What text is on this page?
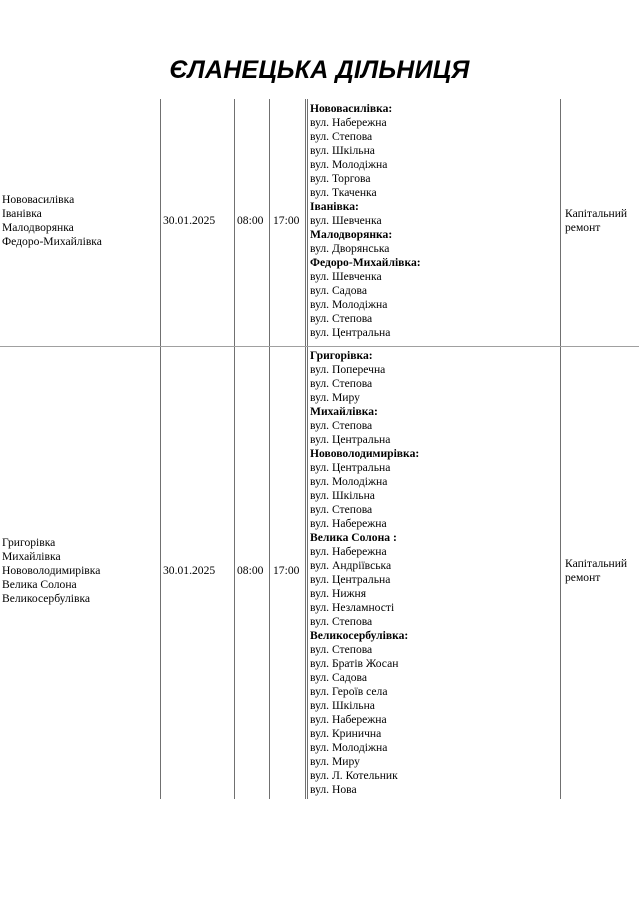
ЄЛАНЕЦЬКА ДІЛЬНИЦЯ
Нововасилівка
Іванівка
Малодворянка
Федоро-Михайлівка
30.01.2025 08:00 17:00
Нововасилівка:
вул. Набережна
вул. Степова
вул. Шкільна
вул. Молодіжна
вул. Торгова
вул. Ткаченка
Іванівка:
вул. Шевченка
Малодворянка:
вул. Дворянська
Федоро-Михайлівка:
вул. Шевченка
вул. Садова
вул. Молодіжна
вул. Степова
вул. Центральна
Капітальний
ремонт
Григорівка
Михайлівка
Нововолодимирівка
Велика Солона
Великосербулівка
30.01.2025 08:00 17:00
Григорівка:
вул. Поперечна
вул. Степова
вул. Миру
Михайлівка:
вул. Степова
вул. Центральна
Нововолодимирівка:
вул. Центральна
вул. Молодіжна
вул. Шкільна
вул. Степова
вул. Набережна
Велика Солона :
вул. Набережна
вул. Андріївська
вул. Центральна
вул. Нижня
вул. Незламності
вул. Степова
Великосербулівка:
вул. Степова
вул. Братів Жосан
вул. Садова
вул. Героїв села
вул. Шкільна
вул. Набережна
вул. Кринична
вул. Молодіжна
вул. Миру
вул. Л. Котельник
вул. Нова
Капітальний
ремонт
